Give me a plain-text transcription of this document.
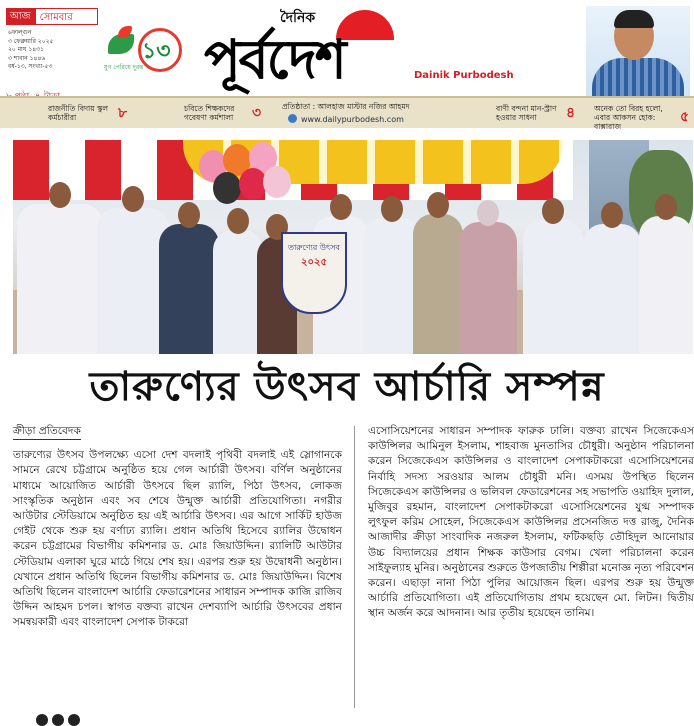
আজ সোমবার
৬ফাল্গুন
৩ ফেব্রুয়ারি ২০২৫
২০ মাঘ ১৪৩১
৩ শাবান ১৪৪৬
বর্ষ-১৩, সংখ্যা-৫৩
১৩
যুগ পেরিয়ে দুরন্ত
দৈনিক
পূর্বদেশ	Dainik Purbodesh
রাজনীতি বিদায় স্কুল কর্মচারীরা	৮	চবিতে শিক্ষকদের গবেষণা কর্মশালা	৩	প্রতিষ্ঠাতা : আলহাজ মাস্টার নজির আহমদ
www.dailypurbodesh.com
বাণী বন্দনা মান-স্ট্রাণ হওয়ার সাধনা	৪	অনেক তো বিরহ হলো, এবার আকসন হোক: বাক্সারাজ
৫
তারুণ্যের উৎসব
২০২৫
তারুণ্যের উৎসব আর্চারি সম্পন্ন
ক্রীড়া প্রতিবেদক
তারুণ্যের উৎসব উপলক্ষ্যে এসো দেশ বদলাই পৃথিবী বদলাই এই স্লোগানকে সামনে রেখে চট্টগ্রামে অনুষ্ঠিত হয়ে গেল আর্চারী উৎসব। বর্ণিল অনুষ্ঠানের মাধ্যমে আয়োজিত আর্চারী উৎসবে ছিল র‍্যালি, পিঠা উৎসব, লোকজ সাংস্কৃতিক অনুষ্ঠান এবং সব শেষে উন্মুক্ত আর্চারী প্রতিযোগিতা। নগরীর আউটার স্টেডিয়ামে অনুষ্ঠিত হয় এই আর্চারি উৎসব। এর আগে সার্কিট হাউজ গেইট থেকে শুরু হয় বর্ণাঢ্য র‍্যালি। প্রধান অতিথি হিসেবে র‍্যালির উদ্বোধন করেন চট্টগ্রামের বিভাগীয় কমিশনার ড. মোঃ জিয়াউদ্দিন। র‍্যালিটি আউটার স্টেডিয়াম এলাকা ঘুরে মাঠে গিয়ে শেষ হয়। এরপর শুরু হয় উদ্বোধনী অনুষ্ঠান। যেখানে প্রধান অতিথি ছিলেন বিভাগীয় কমিশনার ড. মোঃ জিয়াউদ্দিন। বিশেষ অতিথি ছিলেন বাংলাদেশ আর্চারি ফেডারেশনের সাধারন সম্পাদক কাজি রাজিব উদ্দিন আহমদ চপল। স্বাগত বক্তব্য রাখেন দেশব্যাপি আর্চারি উৎসবের প্রধান সমন্বয়কারী এবং বাংলাদেশ সেপাক টাকরো
এসোসিয়েশনের সাধারন সম্পাদক ফারুক ঢালি। বক্তব্য রাখেন সিজেকেএস কাউন্সিলর আমিনুল ইসলাম, শাহবাজ মুনতাসির চৌধুরী। অনুষ্ঠান পরিচালনা করেন সিজেকেএস কাউন্সিলর ও বাংলাদেশ সেপাকটাকরো এসোসিয়েশনের নির্বাহি সদস্য সরওয়ার আলম চৌধুরী মনি। এসময় উপস্থিত ছিলেন সিজেকেএস কাউন্সিলর ও ভলিবল ফেডারেশনের সহ সভাপতি ওয়াহিদ দুলাল, মুজিবুর রহমান, বাংলাদেশ সেপাকটাকরো এসোসিয়েশনের যুগ্ম সম্পাদক লুৎফুল করিম সোহেল, সিজেকেএস কাউন্সিলর প্রসেনজিত দত্ত রাজু, দৈনিক আজাদীর ক্রীড়া সাংবাদিক নজরুল ইসলাম, ফটিকছড়ি তৌহিদুল আনোয়ার উচ্চ বিদ্যালয়ের প্রধান শিক্ষক কাউসার বেগম। খেলা পরিচালনা করেন সাইফুল্যাহ মুনির। অনুষ্ঠানের শুরুতে উপজাতীয় শিল্পীরা মনোজ্ঞ নৃত্য পরিবেশন করেন। এছাড়া নানা পিঠা পুলির আয়োজন ছিল। এরপর শুরু হয় উন্মুক্ত আর্চারি প্রতিযোগিতা। এই প্রতিযোগিতায় প্রথম হয়েছেন মো. লিটন। দ্বিতীয় স্থান অর্জন করে আদনান। আর তৃতীয় হয়েছেন তানিম।
